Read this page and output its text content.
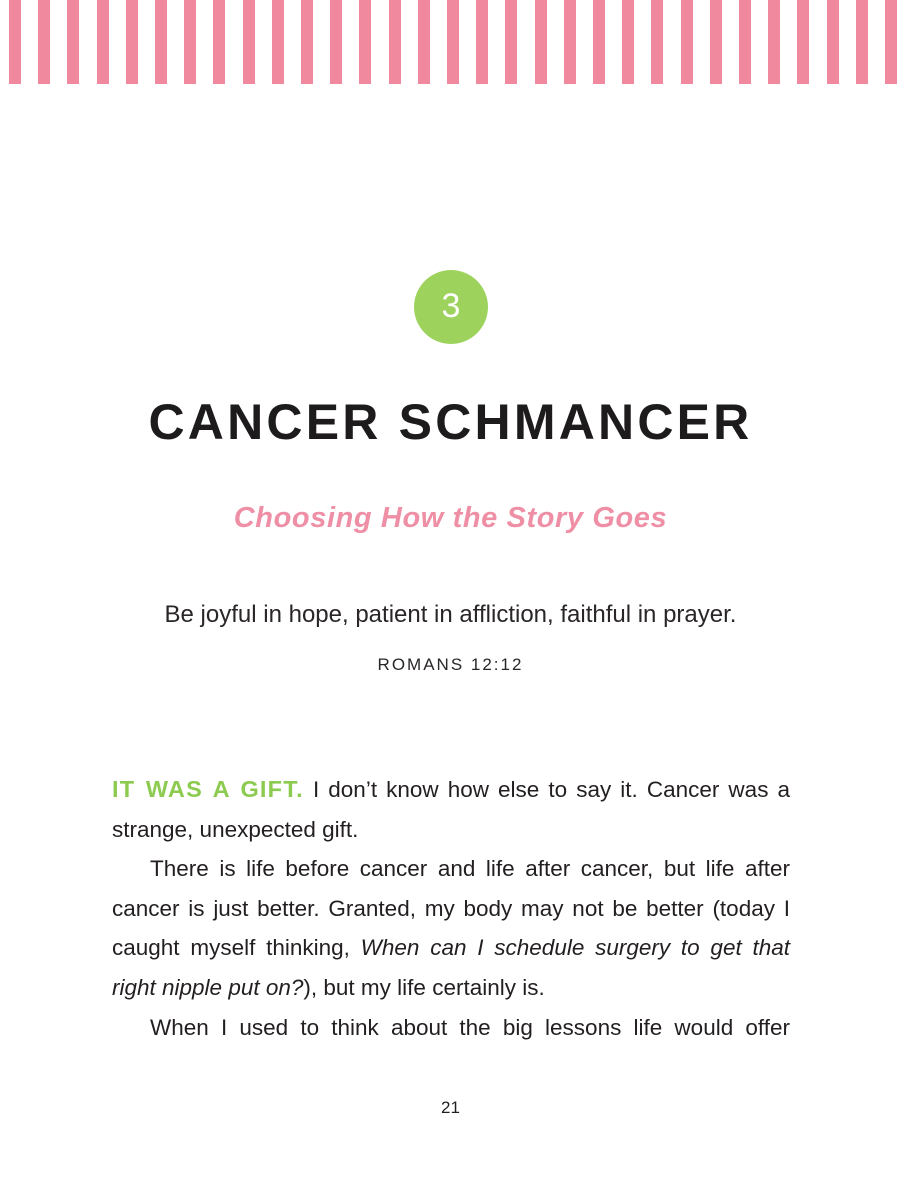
3
CANCER SCHMANCER
Choosing How the Story Goes

Be joyful in hope, patient in affliction, faithful in prayer.

ROMANS 12:12

IT WAS A GIFT. I don’t know how else to say it. Cancer was a strange, unexpected gift.

There is life before cancer and life after cancer, but life after cancer is just better. Granted, my body may not be better (today I caught myself thinking, When can I schedule surgery to get that right nipple put on?), but my life certainly is.

When I used to think about the big lessons life would offer

21
